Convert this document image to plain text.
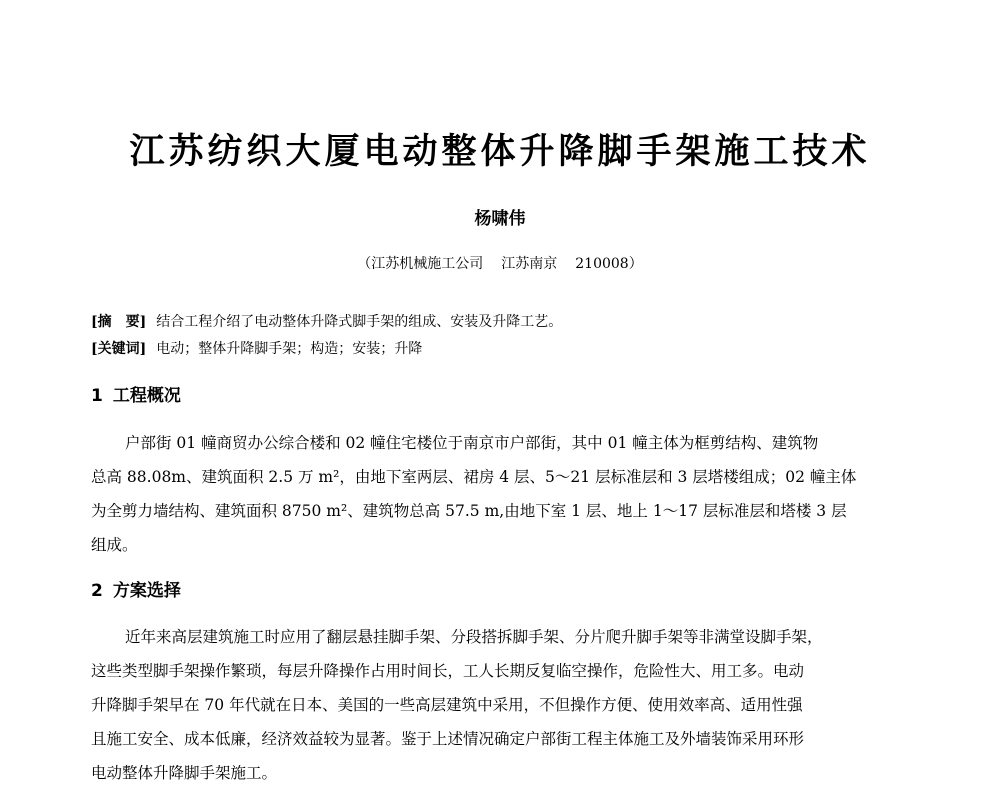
江苏纺织大厦电动整体升降脚手架施工技术
杨啸伟
（江苏机械施工公司 江苏南京 210008）
[摘　要] 结合工程介绍了电动整体升降式脚手架的组成、安装及升降工艺。
[关键词] 电动；整体升降脚手架；构造；安装；升降
1 工程概况
户部街 01 幢商贸办公综合楼和 02 幢住宅楼位于南京市户部街，其中 01 幢主体为框剪结构、建筑物
总高 88.08m、建筑面积 2.5 万 m²，由地下室两层、裙房 4 层、5～21 层标准层和 3 层塔楼组成；02 幢主体
为全剪力墙结构、建筑面积 8750 m²、建筑物总高 57.5 m,由地下室 1 层、地上 1～17 层标准层和塔楼 3 层
组成。
2 方案选择
近年来高层建筑施工时应用了翻层悬挂脚手架、分段搭拆脚手架、分片爬升脚手架等非满堂设脚手架，
这些类型脚手架操作繁琐，每层升降操作占用时间长，工人长期反复临空操作，危险性大、用工多。电动
升降脚手架早在 70 年代就在日本、美国的一些高层建筑中采用，不但操作方便、使用效率高、适用性强
且施工安全、成本低廉，经济效益较为显著。鉴于上述情况确定户部街工程主体施工及外墙装饰采用环形
电动整体升降脚手架施工。
